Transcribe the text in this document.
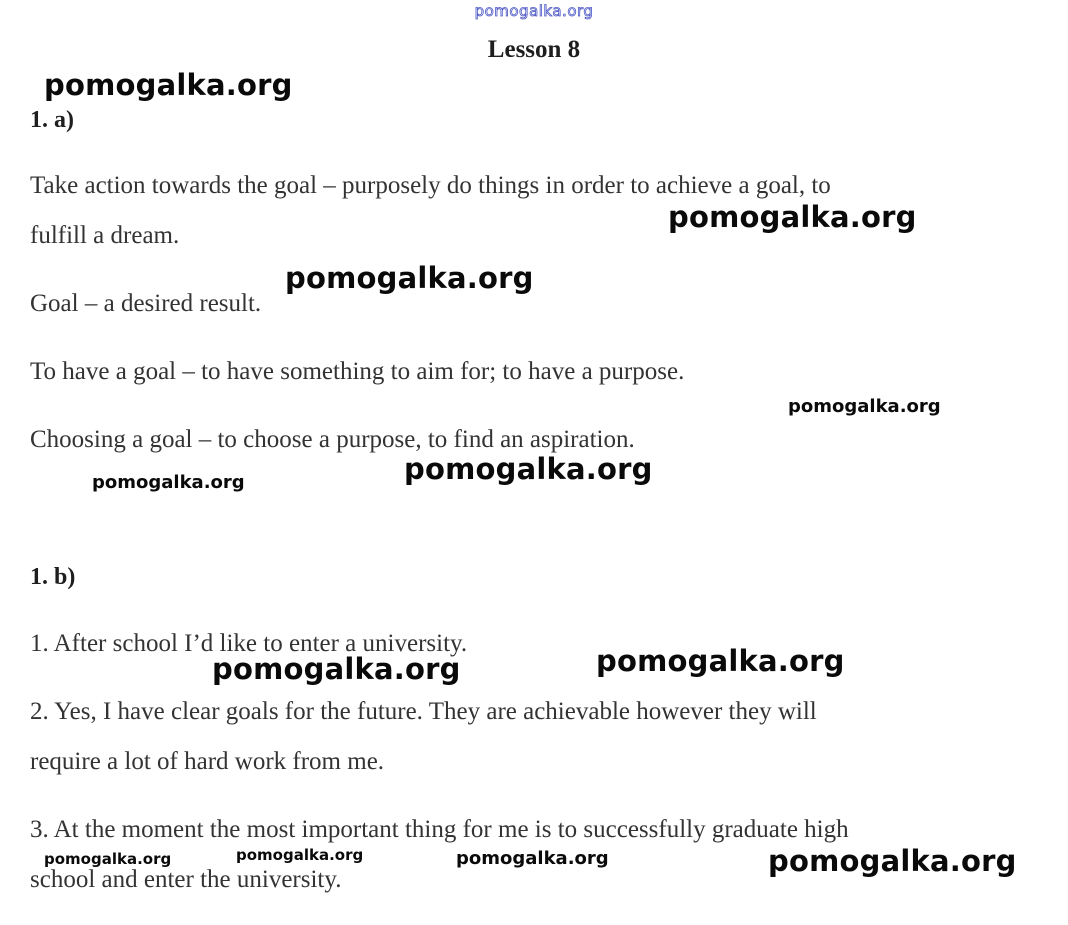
pomogalka.org
Lesson 8
1. a)
Take action towards the goal – purposely do things in order to achieve a goal, to
fulfill a dream.
Goal – a desired result.
To have a goal – to have something to aim for; to have a purpose.
Choosing a goal – to choose a purpose, to find an aspiration.
1. b)
1. After school I’d like to enter a university.
2. Yes, I have clear goals for the future. They are achievable however they will
require a lot of hard work from me.
3. At the moment the most important thing for me is to successfully graduate high
school and enter the university.
pomogalka.org
pomogalka.org
pomogalka.org
pomogalka.org
pomogalka.org
pomogalka.org
pomogalka.org	pomogalka.org
pomogalka.org	pomogalka.org	pomogalka.org	pomogalka.org
